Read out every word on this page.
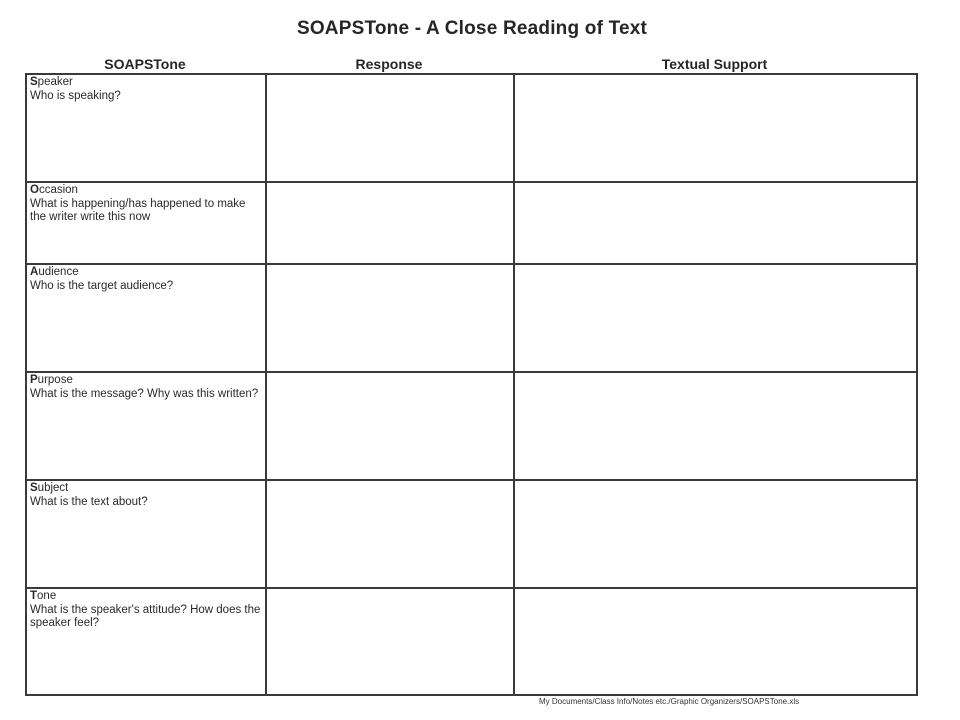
SOAPSTone - A Close Reading of Text
SOAPSTone	Response	Textual Support
Speaker
Who is speaking?		

Occasion
What is happening/has happened to make the writer write this now		

Audience
Who is the target audience?		

Purpose
What is the message? Why was this written?		

Subject
What is the text about?		

Tone
What is the speaker's attitude? How does the speaker feel?		

My Documents/Class Info/Notes etc./Graphic Organizers/SOAPSTone.xls
